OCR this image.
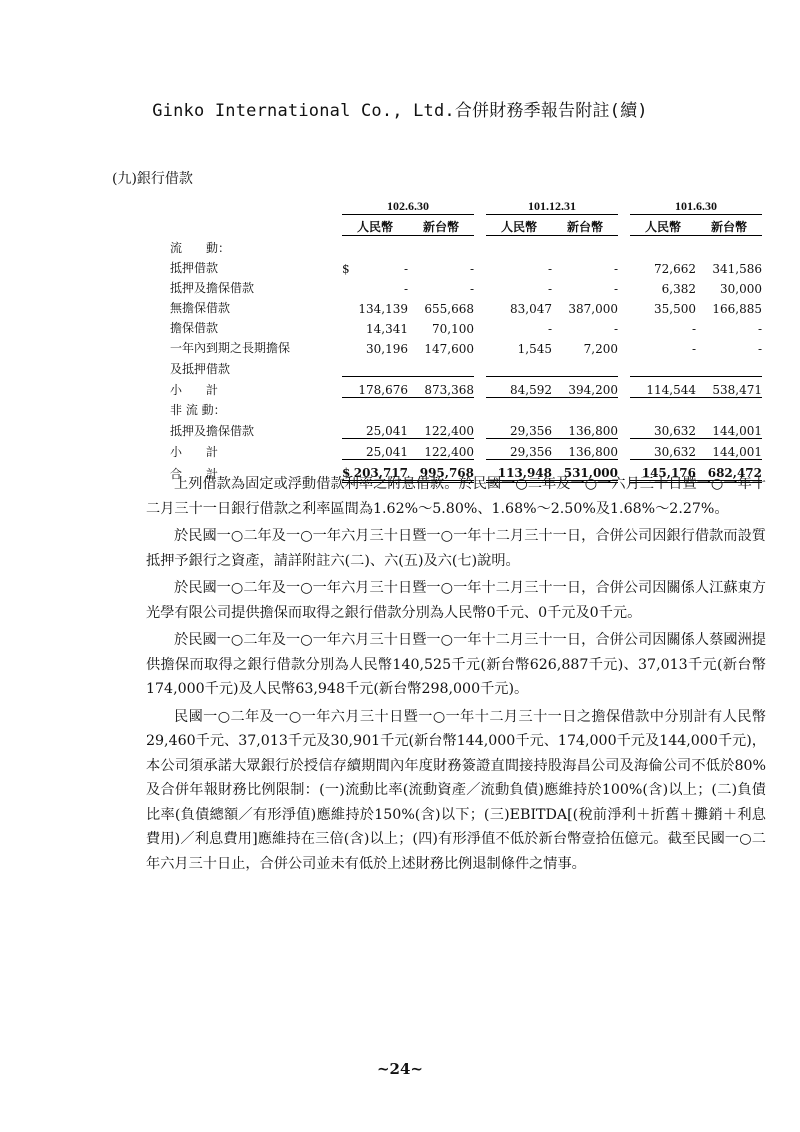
Ginko International Co., Ltd.合併財務季報告附註(續)
(九)銀行借款
	102.6.30			101.12.31			101.6.30	
	人民幣	新台幣		人民幣	新台幣		人民幣	新台幣
流　　動：								
抵押借款	$ -	-		-	-		72,662	341,586
抵押及擔保借款	-	-		-	-		6,382	30,000
無擔保借款	134,139	655,668		83,047	387,000		35,500	166,885
擔保借款	14,341	70,100		-	-		-	-
一年內到期之長期擔保	30,196	147,600		1,545	7,200		-	-
及抵押借款								
小　　計	178,676	873,368		84,592	394,200		114,544	538,471
非 流 動：								
抵押及擔保借款	25,041	122,400		29,356	136,800		30,632	144,001
小　　計	25,041	122,400		29,356	136,800		30,632	144,001
合　　計	$ 203,717	995,768		113,948	531,000		145,176	682,472

上列借款為固定或浮動借款利率之附息借款。於民國一○二年及一○一六月三十日暨一○一年十二月三十一日銀行借款之利率區間為1.62%～5.80%、1.68%～2.50%及1.68%～2.27%。

於民國一○二年及一○一年六月三十日暨一○一年十二月三十一日，合併公司因銀行借款而設質抵押予銀行之資產，請詳附註六(二)、六(五)及六(七)說明。

於民國一○二年及一○一年六月三十日暨一○一年十二月三十一日，合併公司因關係人江蘇東方光學有限公司提供擔保而取得之銀行借款分別為人民幣0千元、0千元及0千元。

於民國一○二年及一○一年六月三十日暨一○一年十二月三十一日，合併公司因關係人蔡國洲提供擔保而取得之銀行借款分別為人民幣140,525千元(新台幣626,887千元)、37,013千元(新台幣174,000千元)及人民幣63,948千元(新台幣298,000千元)。

民國一○二年及一○一年六月三十日暨一○一年十二月三十一日之擔保借款中分別計有人民幣29,460千元、37,013千元及30,901千元(新台幣144,000千元、174,000千元及144,000千元)，本公司須承諾大眾銀行於授信存續期間內年度財務簽證直間接持股海昌公司及海倫公司不低於80%及合併年報財務比例限制：(一)流動比率(流動資產／流動負債)應維持於100%(含)以上；(二)負債比率(負債總額／有形淨值)應維持於150%(含)以下；(三)EBITDA[(稅前淨利＋折舊＋攤銷＋利息費用)／利息費用]應維持在三倍(含)以上；(四)有形淨值不低於新台幣壹拾伍億元。截至民國一○二年六月三十日止，合併公司並未有低於上述財務比例退制條件之情事。

~24~
